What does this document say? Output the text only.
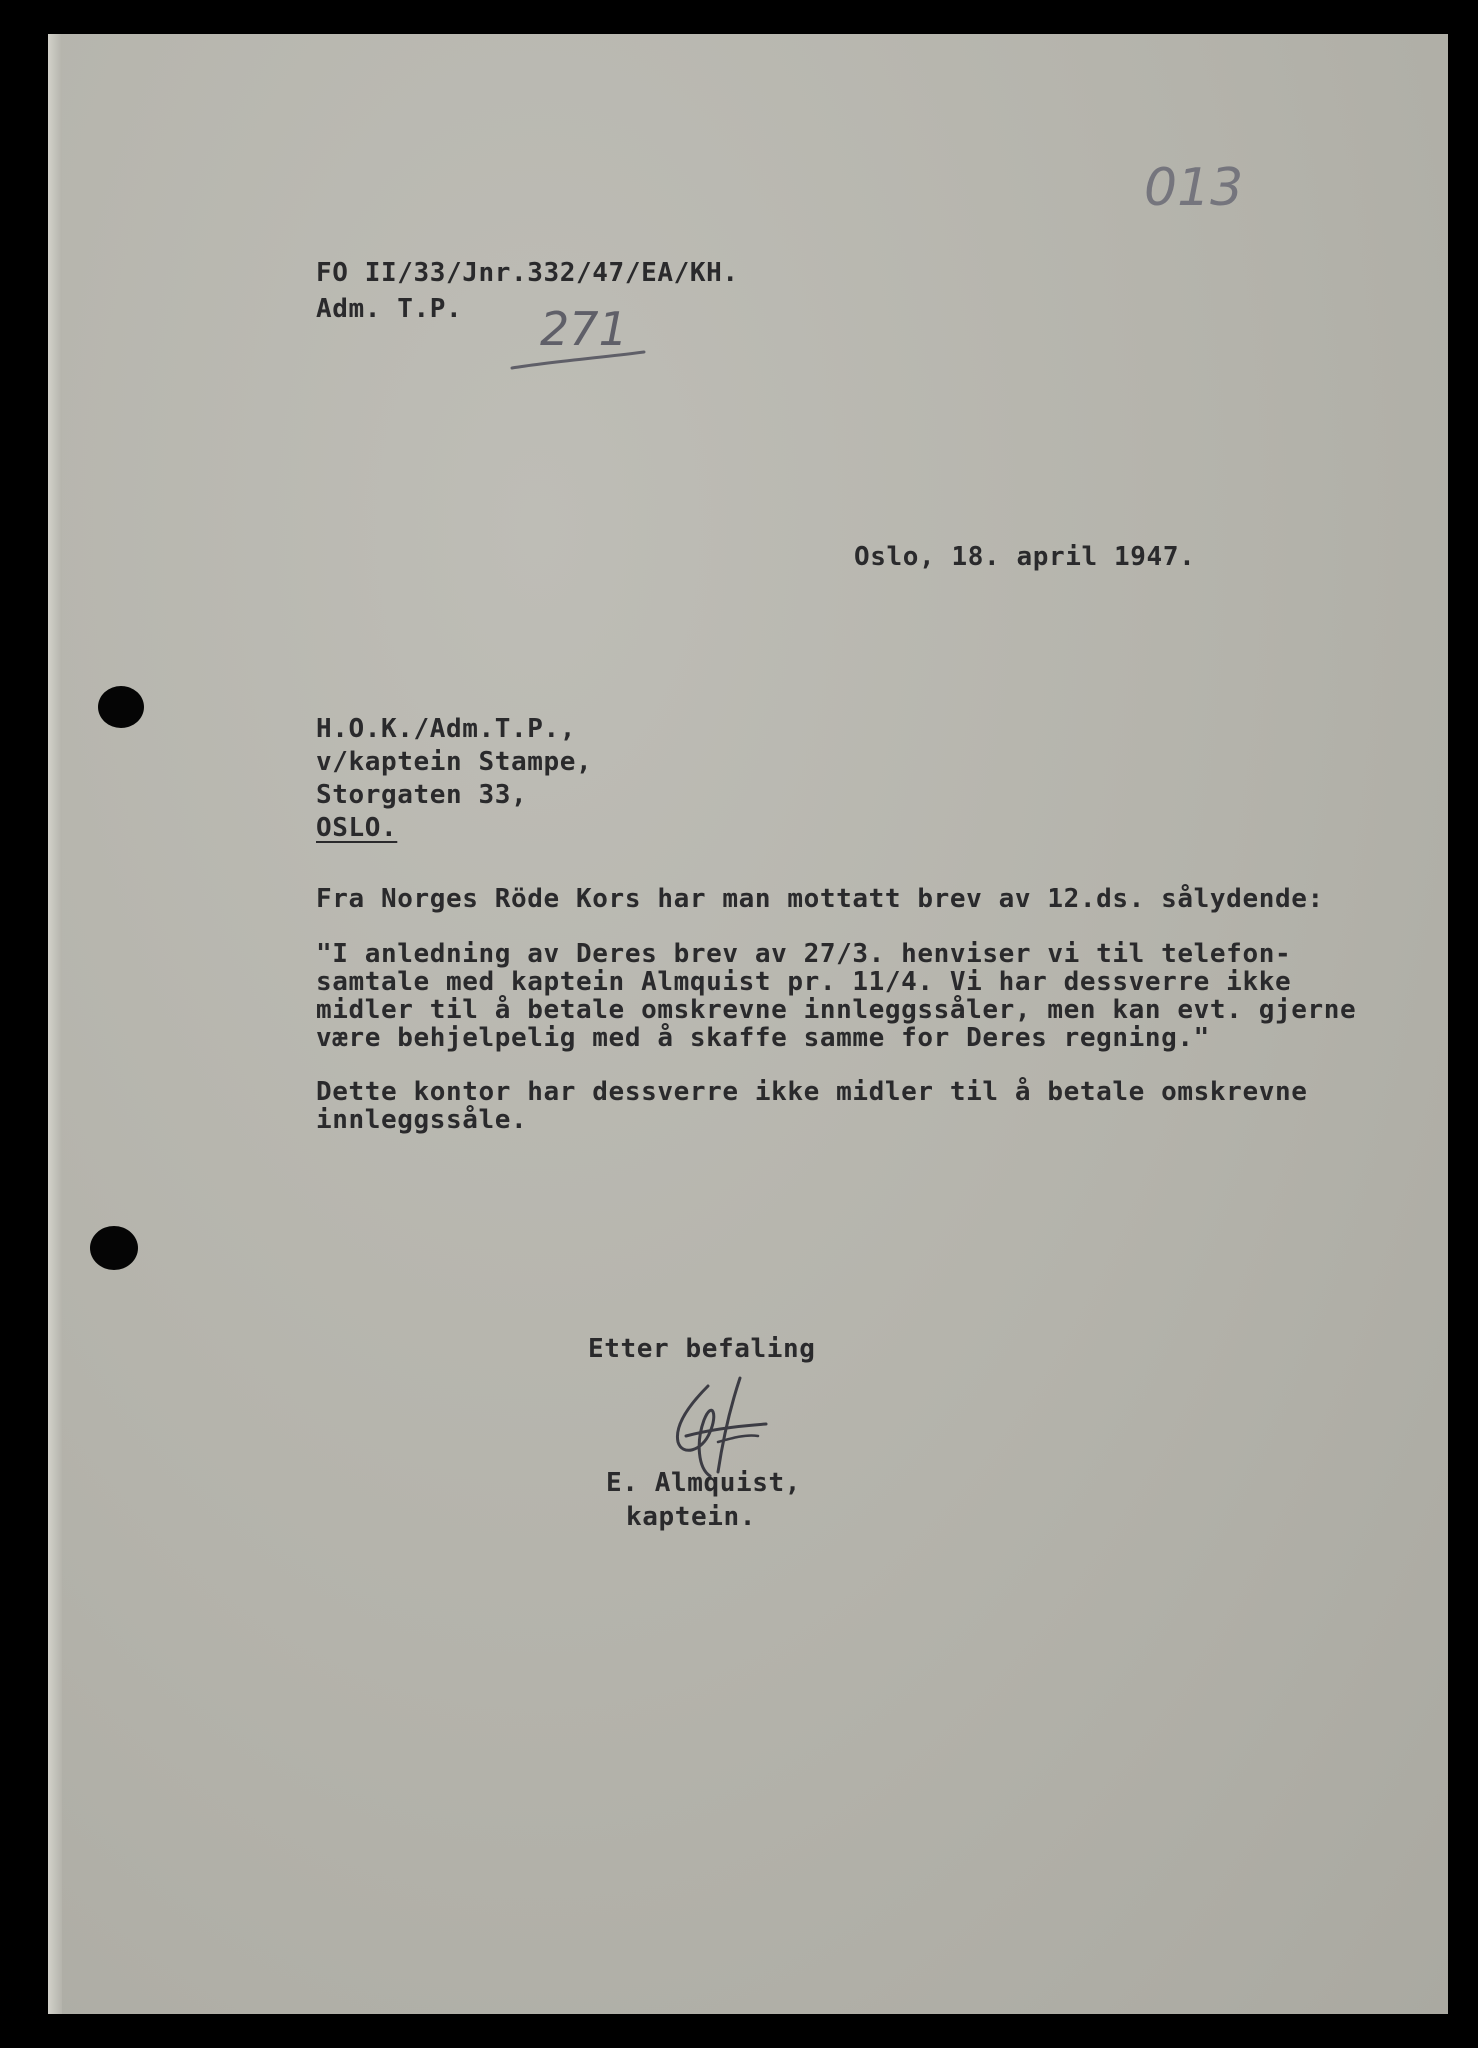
013
FO II/33/Jnr.332/47/EA/KH.
Adm. T.P. 271
Oslo, 18. april 1947.
H.O.K./Adm.T.P.,
v/kaptein Stampe,
Storgaten 33,
OSLO.
Fra Norges Röde Kors har man mottatt brev av 12.ds. sålydende:
"I anledning av Deres brev av 27/3. henviser vi til telefon-
samtale med kaptein Almquist pr. 11/4. Vi har dessverre ikke
midler til å betale omskrevne innleggssåler, men kan evt. gjerne
være behjelpelig med å skaffe samme for Deres regning."
Dette kontor har dessverre ikke midler til å betale omskrevne
innleggssåle.
Etter befaling
E. Almquist,
kaptein.
